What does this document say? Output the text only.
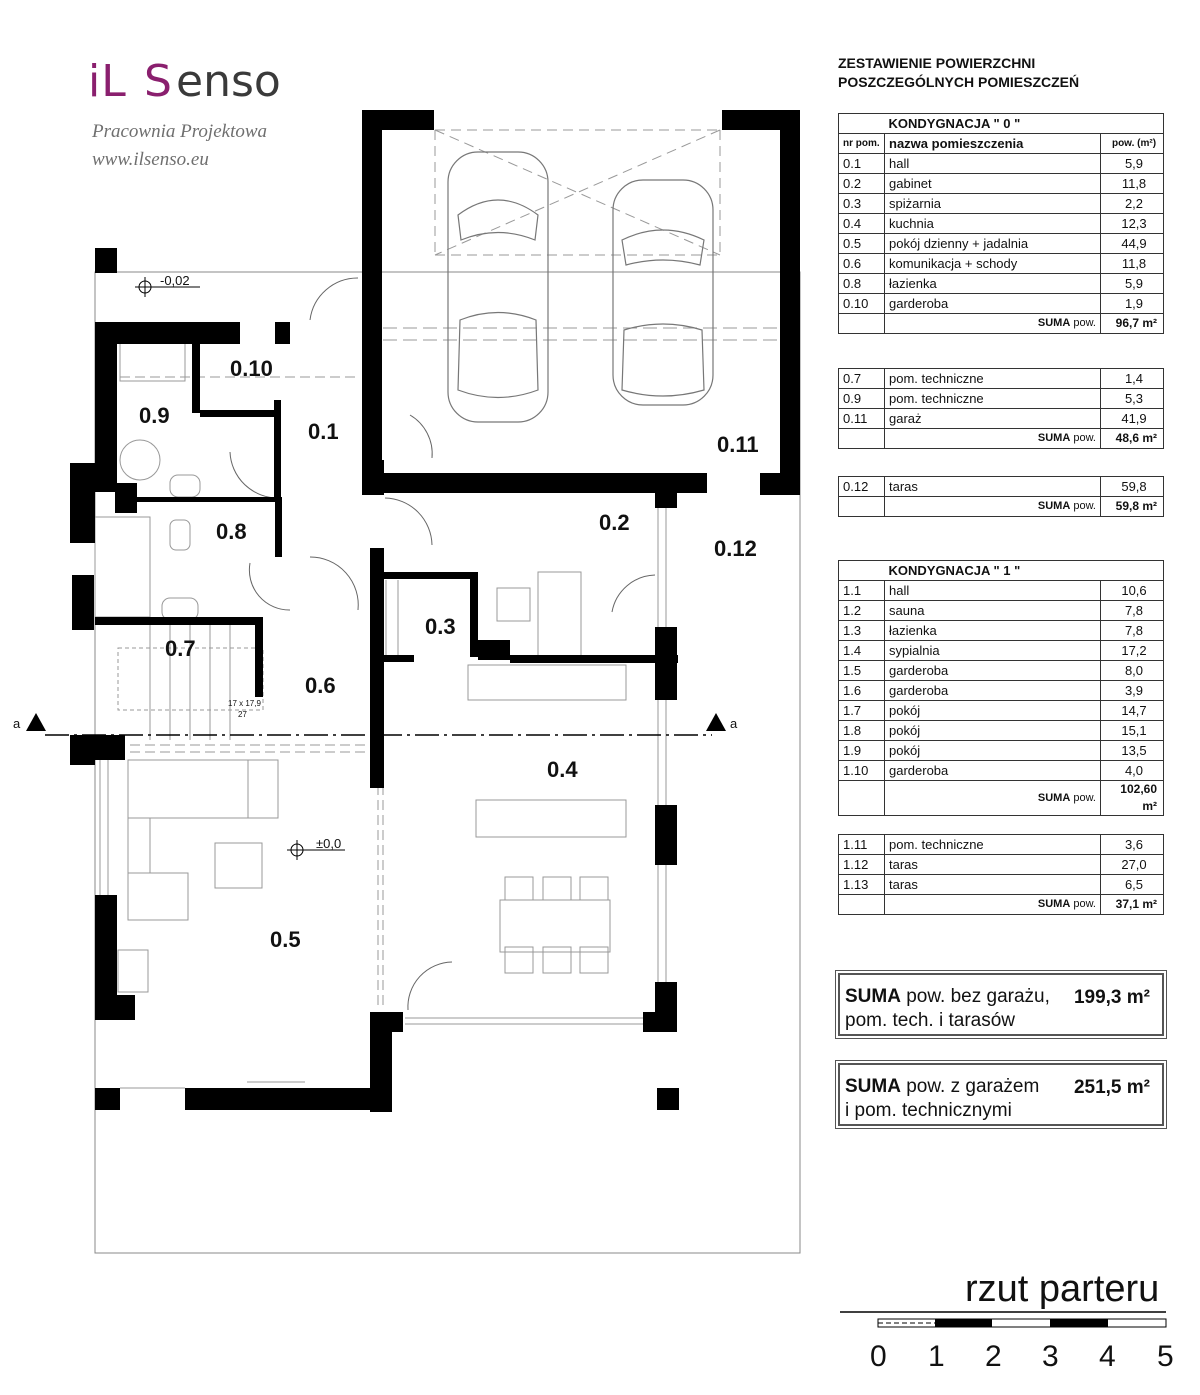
iL S enso
Pracownia Projektowa
www.ilsenso.eu
0.10
0.1
0.9
0.11
0.8	0.2
0.12
0.3
0.7
0.6
0.4
0.5
-0,02
±0,0
a	a
17 x 17,9
27
ZESTAWIENIE POWIERZCHNI
POSZCZEGÓLNYCH POMIESZCZEŃ
	KONDYGNACJA " 0 "	
nr pom.	nazwa pomieszczenia	pow. (m²)
0.1	hall	5,9
0.2	gabinet	11,8
0.3	spiżarnia	2,2
0.4	kuchnia	12,3
0.5	pokój dzienny + jadalnia	44,9
0.6	komunikacja + schody	11,8
0.8	łazienka	5,9
0.10	garderoba	1,9
	SUMA pow.	96,7 m²
0.7	pom. techniczne	1,4
0.9	pom. techniczne	5,3
0.11	garaż	41,9
	SUMA pow.	48,6 m²
0.12	taras	59,8
	SUMA pow.	59,8 m²
	KONDYGNACJA " 1 "	
1.1	hall	10,6
1.2	sauna	7,8
1.3	łazienka	7,8
1.4	sypialnia	17,2
1.5	garderoba	8,0
1.6	garderoba	3,9
1.7	pokój	14,7
1.8	pokój	15,1
1.9	pokój	13,5
1.10	garderoba	4,0
	SUMA pow.	102,60 m²
1.11	pom. techniczne	3,6
1.12	taras	27,0
1.13	taras	6,5
	SUMA pow.	37,1 m²
SUMA pow. bez garażu,
pom. tech. i tarasów
199,3 m²
SUMA pow. z garażem
i pom. technicznymi
251,5 m²
rzut parteru
0 1 2 3 4 5
